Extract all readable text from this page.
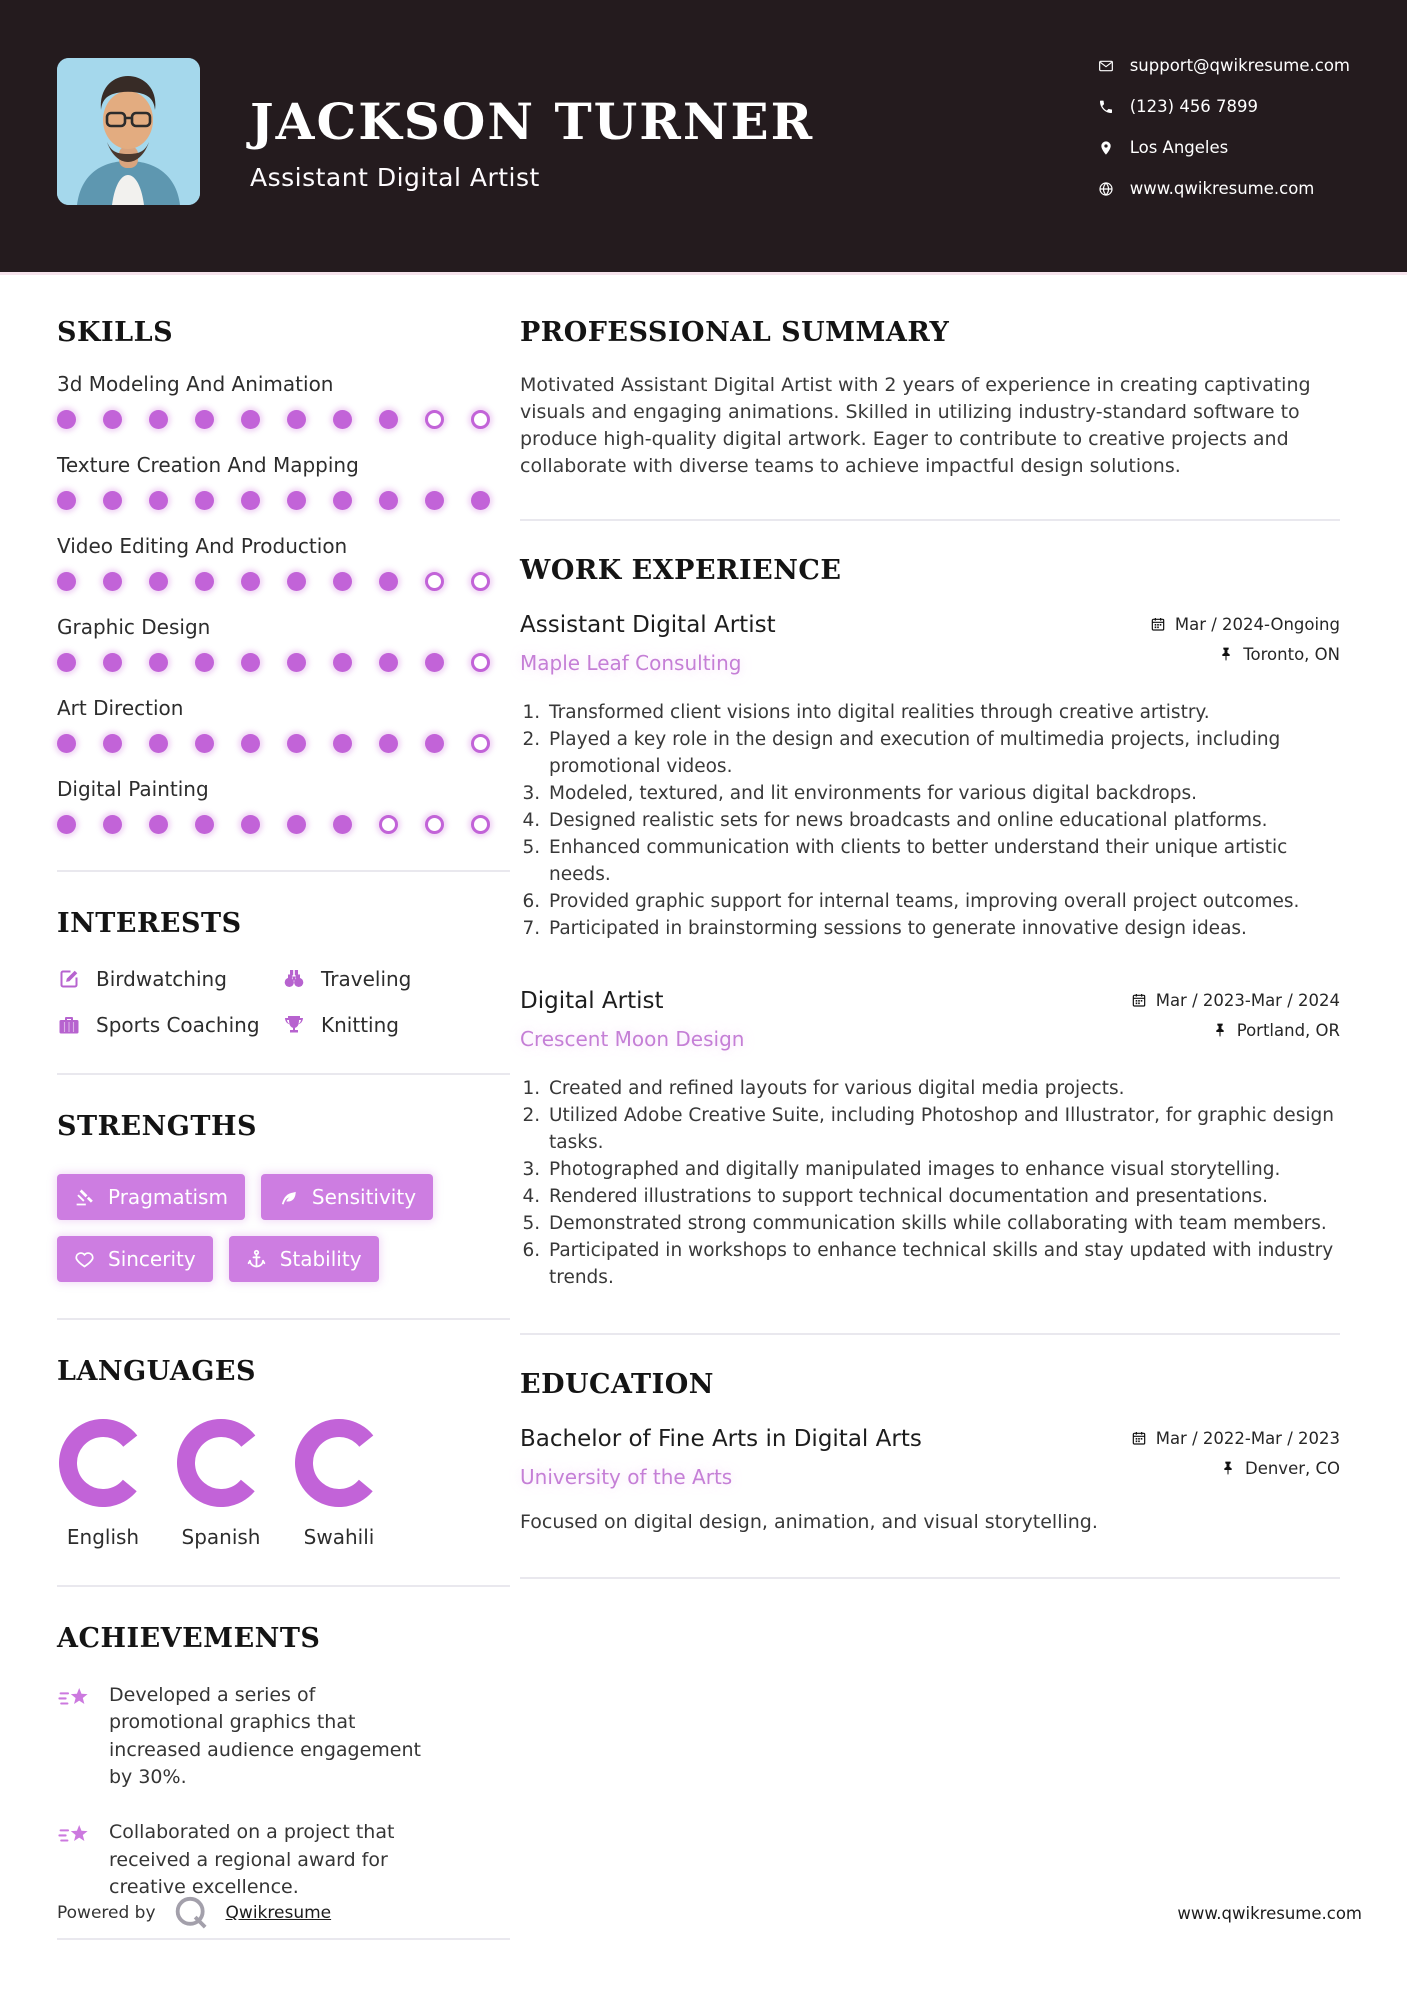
JACKSON TURNER
Assistant Digital Artist
support@qwikresume.com
(123) 456 7899
Los Angeles
www.qwikresume.com
SKILLS
3d Modeling And Animation
Texture Creation And Mapping
Video Editing And Production
Graphic Design
Art Direction
Digital Painting
INTERESTS
Birdwatching	Traveling
Sports Coaching	Knitting
STRENGTHS
Pragmatism	Sensitivity
Sincerity	Stability
LANGUAGES
English	Spanish	Swahili
ACHIEVEMENTS
Developed a series of promotional graphics that increased audience engagement by 30%.
Collaborated on a project that received a regional award for creative excellence.
PROFESSIONAL SUMMARY

Motivated Assistant Digital Artist with 2 years of experience in creating captivating visuals and engaging animations. Skilled in utilizing industry-standard software to produce high-quality digital artwork. Eager to contribute to creative projects and collaborate with diverse teams to achieve impactful design solutions.

WORK EXPERIENCE
Assistant Digital Artist
Maple Leaf Consulting
Mar / 2024-Ongoing
Toronto, ON
1. Transformed client visions into digital realities through creative artistry.
2. Played a key role in the design and execution of multimedia projects, including promotional videos.
3. Modeled, textured, and lit environments for various digital backdrops.
4. Designed realistic sets for news broadcasts and online educational platforms.
5. Enhanced communication with clients to better understand their unique artistic needs.
6. Provided graphic support for internal teams, improving overall project outcomes.
7. Participated in brainstorming sessions to generate innovative design ideas.
Digital Artist
Crescent Moon Design
Mar / 2023-Mar / 2024
Portland, OR
1. Created and refined layouts for various digital media projects.
2. Utilized Adobe Creative Suite, including Photoshop and Illustrator, for graphic design tasks.
3. Photographed and digitally manipulated images to enhance visual storytelling.
4. Rendered illustrations to support technical documentation and presentations.
5. Demonstrated strong communication skills while collaborating with team members.
6. Participated in workshops to enhance technical skills and stay updated with industry trends.
EDUCATION
Bachelor of Fine Arts in Digital Arts
University of the Arts
Mar / 2022-Mar / 2023
Denver, CO

Focused on digital design, animation, and visual storytelling.

Powered by	Qwikresume	www.qwikresume.com
